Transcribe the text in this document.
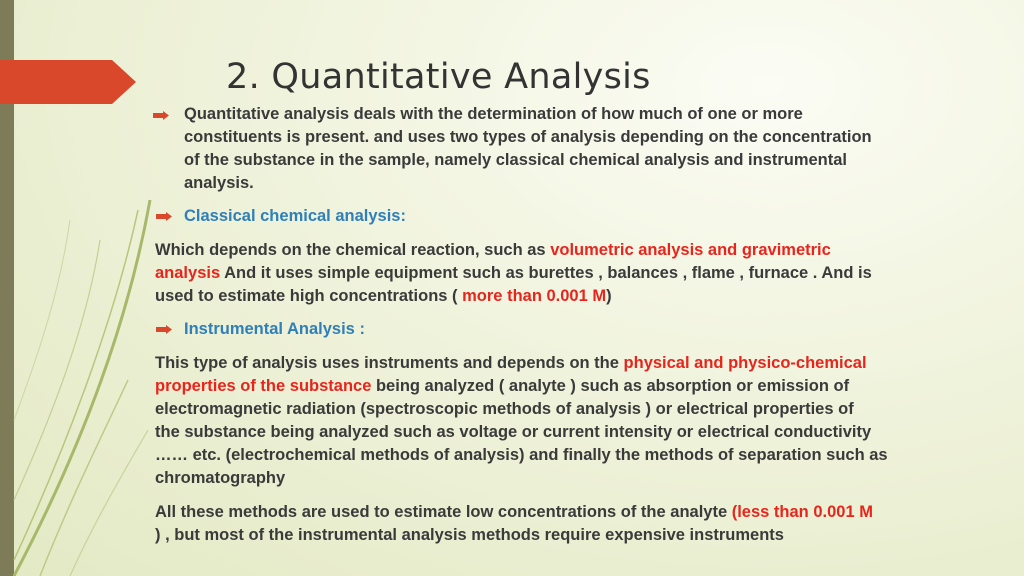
2. Quantitative Analysis

Quantitative analysis deals with the determination of how much of one or more

constituents is present. and uses two types of analysis depending on the concentration

of the substance in the sample, namely classical chemical analysis and instrumental

analysis.

Classical chemical analysis:

Which depends on the chemical reaction, such as volumetric analysis and gravimetric

analysis And it uses simple equipment such as burettes , balances , flame , furnace . And is

used to estimate high concentrations ( more than 0.001 M)

Instrumental Analysis :

This type of analysis uses instruments and depends on the physical and physico-chemical

properties of the substance being analyzed ( analyte ) such as absorption or emission of

electromagnetic radiation (spectroscopic methods of analysis ) or electrical properties of

the substance being analyzed such as voltage or current intensity or electrical conductivity

…… etc. (electrochemical methods of analysis) and finally the methods of separation such as

chromatography

All these methods are used to estimate low concentrations of the analyte (less than 0.001 M

) , but most of the instrumental analysis methods require expensive instruments
